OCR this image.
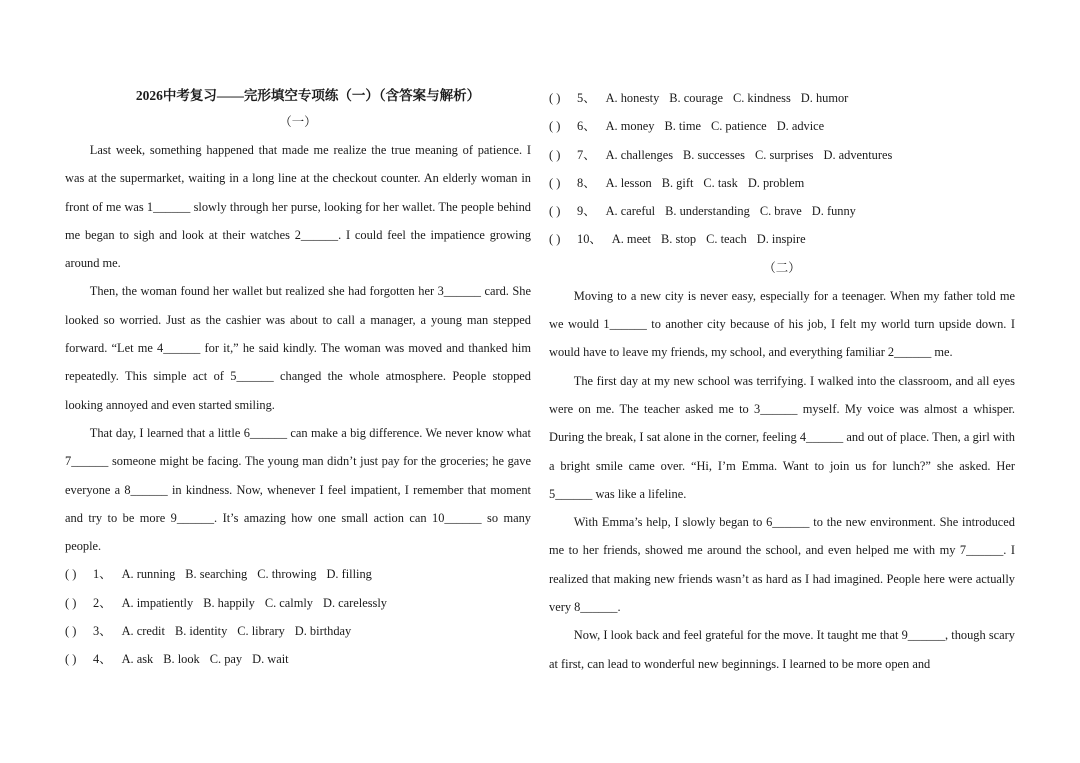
2026中考复习——完形填空专项练（一）（含答案与解析）
（一）

Last week, something happened that made me realize the true meaning of patience. I was at the supermarket, waiting in a long line at the checkout counter. An elderly woman in front of me was 1______ slowly through her purse, looking for her wallet. The people behind me began to sigh and look at their watches 2______. I could feel the impatience growing around me.

Then, the woman found her wallet but realized she had forgotten her 3______ card. She looked so worried. Just as the cashier was about to call a manager, a young man stepped forward. “Let me 4______ for it,” he said kindly. The woman was moved and thanked him repeatedly. This simple act of 5______ changed the whole atmosphere. People stopped looking annoyed and even started smiling.

That day, I learned that a little 6______ can make a big difference. We never know what 7______ someone might be facing. The young man didn’t just pay for the groceries; he gave everyone a 8______ in kindness. Now, whenever I feel impatient, I remember that moment and try to be more 9______. It’s amazing how one small action can 10______ so many people.

( ) 1、 A. running B. searching C. throwing D. filling
( ) 2、 A. impatiently B. happily C. calmly D. carelessly
( ) 3、 A. credit B. identity C. library D. birthday
( ) 4、 A. ask B. look C. pay D. wait
( ) 5、 A. honesty B. courage C. kindness D. humor
( ) 6、 A. money B. time C. patience D. advice
( ) 7、 A. challenges B. successes C. surprises D. adventures
( ) 8、 A. lesson B. gift C. task D. problem
( ) 9、 A. careful B. understanding C. brave D. funny
( ) 10、 A. meet B. stop C. teach D. inspire
（二）

Moving to a new city is never easy, especially for a teenager. When my father told me we would 1______ to another city because of his job, I felt my world turn upside down. I would have to leave my friends, my school, and everything familiar 2______ me.

The first day at my new school was terrifying. I walked into the classroom, and all eyes were on me. The teacher asked me to 3______ myself. My voice was almost a whisper. During the break, I sat alone in the corner, feeling 4______ and out of place. Then, a girl with a bright smile came over. “Hi, I’m Emma. Want to join us for lunch?” she asked. Her 5______ was like a lifeline.

With Emma’s help, I slowly began to 6______ to the new environment. She introduced me to her friends, showed me around the school, and even helped me with my 7______. I realized that making new friends wasn’t as hard as I had imagined. People here were actually very 8______.

Now, I look back and feel grateful for the move. It taught me that 9______, though scary at first, can lead to wonderful new beginnings. I learned to be more open and
